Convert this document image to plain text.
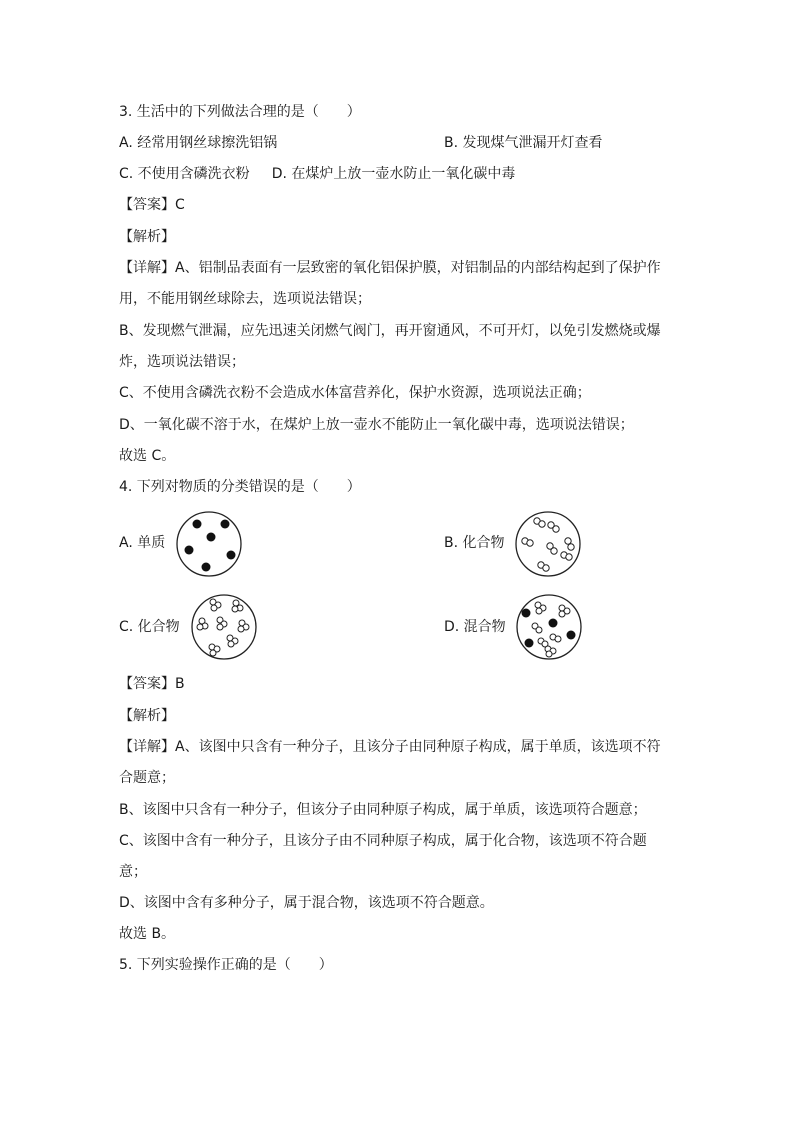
3. 生活中的下列做法合理的是（　　）
A. 经常用钢丝球擦洗铝锅	B. 发现煤气泄漏开灯查看
C. 不使用含磷洗衣粉 D. 在煤炉上放一壶水防止一氧化碳中毒
【答案】C
【解析】
【详解】A、铝制品表面有一层致密的氧化铝保护膜，对铝制品的内部结构起到了保护作
用，不能用钢丝球除去，选项说法错误；
B、发现燃气泄漏，应先迅速关闭燃气阀门，再开窗通风，不可开灯，以免引发燃烧或爆
炸，选项说法错误；
C、不使用含磷洗衣粉不会造成水体富营养化，保护水资源，选项说法正确；
D、一氧化碳不溶于水，在煤炉上放一壶水不能防止一氧化碳中毒，选项说法错误；
故选 C。
4. 下列对物质的分类错误的是（　　）
A. 单质	B. 化合物
C. 化合物	D. 混合物
【答案】B
【解析】
【详解】A、该图中只含有一种分子，且该分子由同种原子构成，属于单质，该选项不符
合题意；
B、该图中只含有一种分子，但该分子由同种原子构成，属于单质，该选项符合题意；
C、该图中含有一种分子，且该分子由不同种原子构成，属于化合物，该选项不符合题
意；
D、该图中含有多种分子，属于混合物，该选项不符合题意。
故选 B。
5. 下列实验操作正确的是（　　）
